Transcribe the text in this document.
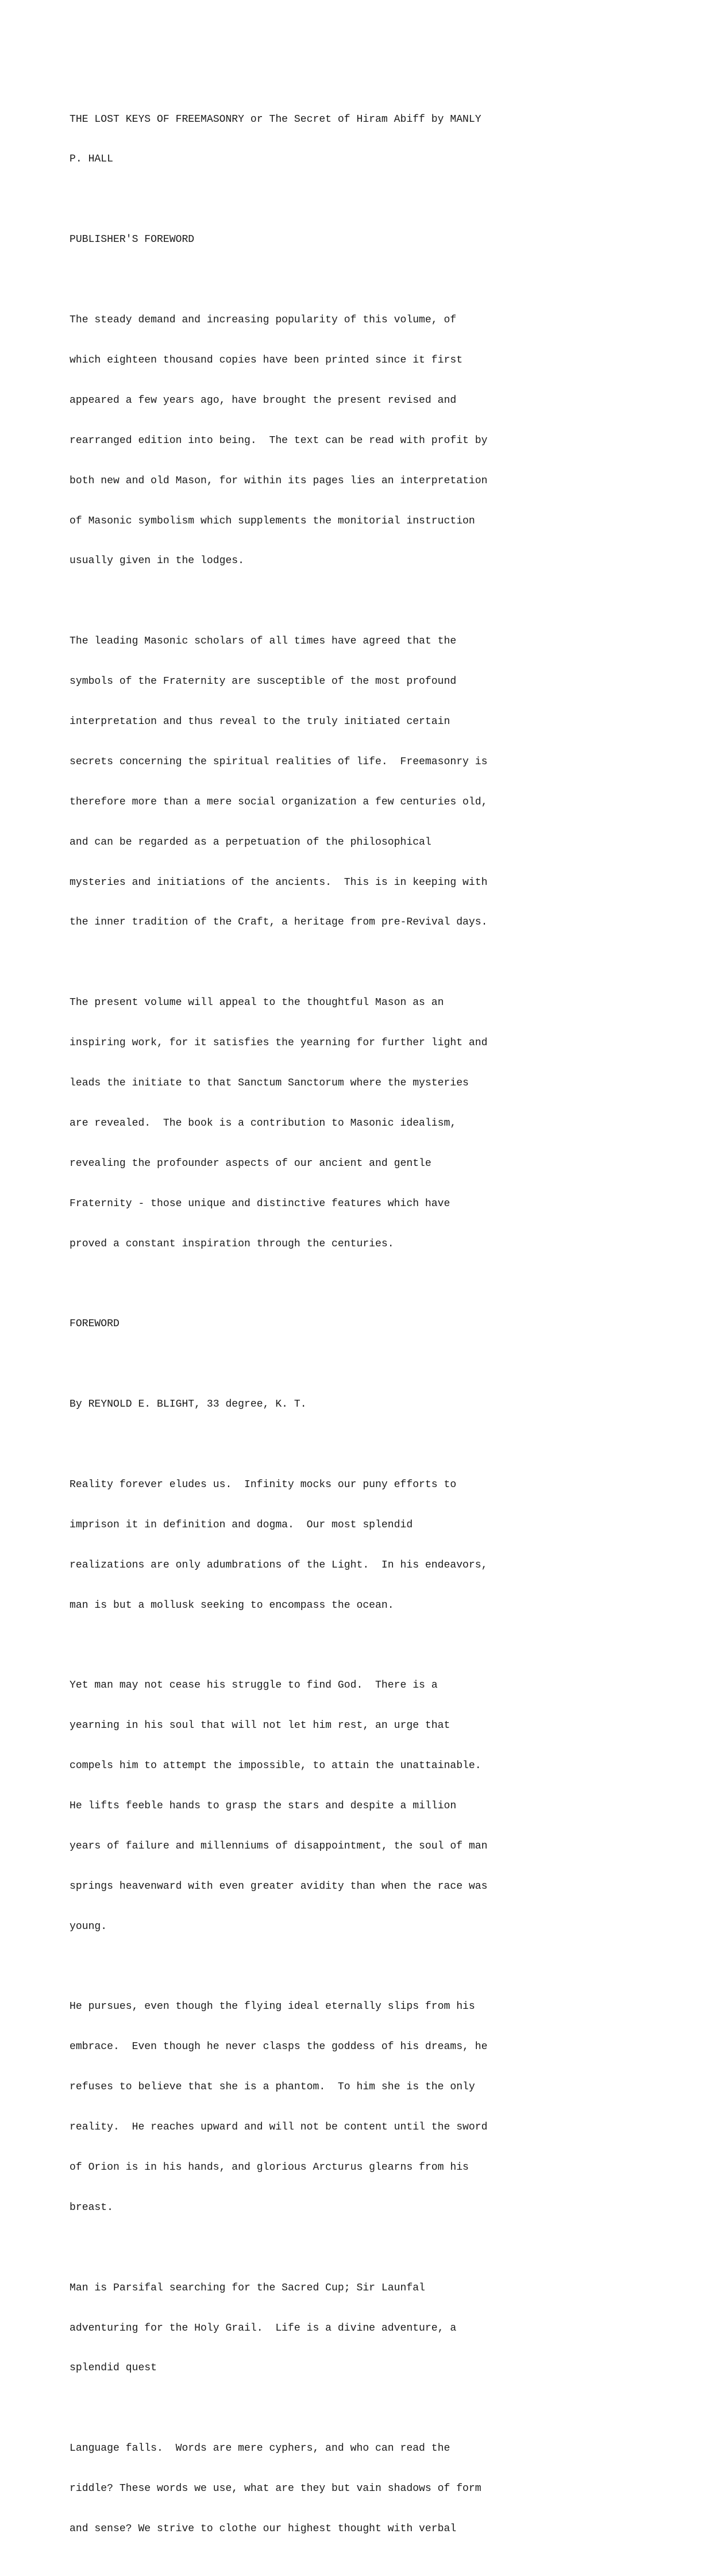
THE LOST KEYS OF FREEMASONRY or The Secret of Hiram Abiff by MANLY

P. HALL

PUBLISHER'S FOREWORD

The steady demand and increasing popularity of this volume, of

which eighteen thousand copies have been printed since it first

appeared a few years ago, have brought the present revised and

rearranged edition into being.  The text can be read with profit by

both new and old Mason, for within its pages lies an interpretation

of Masonic symbolism which supplements the monitorial instruction

usually given in the lodges.

The leading Masonic scholars of all times have agreed that the

symbols of the Fraternity are susceptible of the most profound

interpretation and thus reveal to the truly initiated certain

secrets concerning the spiritual realities of life.  Freemasonry is

therefore more than a mere social organization a few centuries old,

and can be regarded as a perpetuation of the philosophical

mysteries and initiations of the ancients.  This is in keeping with

the inner tradition of the Craft, a heritage from pre-Revival days.

The present volume will appeal to the thoughtful Mason as an

inspiring work, for it satisfies the yearning for further light and

leads the initiate to that Sanctum Sanctorum where the mysteries

are revealed.  The book is a contribution to Masonic idealism,

revealing the profounder aspects of our ancient and gentle

Fraternity - those unique and distinctive features which have

proved a constant inspiration through the centuries.

FOREWORD

By REYNOLD E. BLIGHT, 33 degree, K. T.

Reality forever eludes us.  Infinity mocks our puny efforts to

imprison it in definition and dogma.  Our most splendid

realizations are only adumbrations of the Light.  In his endeavors,

man is but a mollusk seeking to encompass the ocean.

Yet man may not cease his struggle to find God.  There is a

yearning in his soul that will not let him rest, an urge that

compels him to attempt the impossible, to attain the unattainable.

He lifts feeble hands to grasp the stars and despite a million

years of failure and millenniums of disappointment, the soul of man

springs heavenward with even greater avidity than when the race was

young.

He pursues, even though the flying ideal eternally slips from his

embrace.  Even though he never clasps the goddess of his dreams, he

refuses to believe that she is a phantom.  To him she is the only

reality.  He reaches upward and will not be content until the sword

of Orion is in his hands, and glorious Arcturus glearns from his

breast.

Man is Parsifal searching for the Sacred Cup; Sir Launfal

adventuring for the Holy Grail.  Life is a divine adventure, a

splendid quest

Language falls.  Words are mere cyphers, and who can read the

riddle? These words we use, what are they but vain shadows of form

and sense? We strive to clothe our highest thought with verbal
